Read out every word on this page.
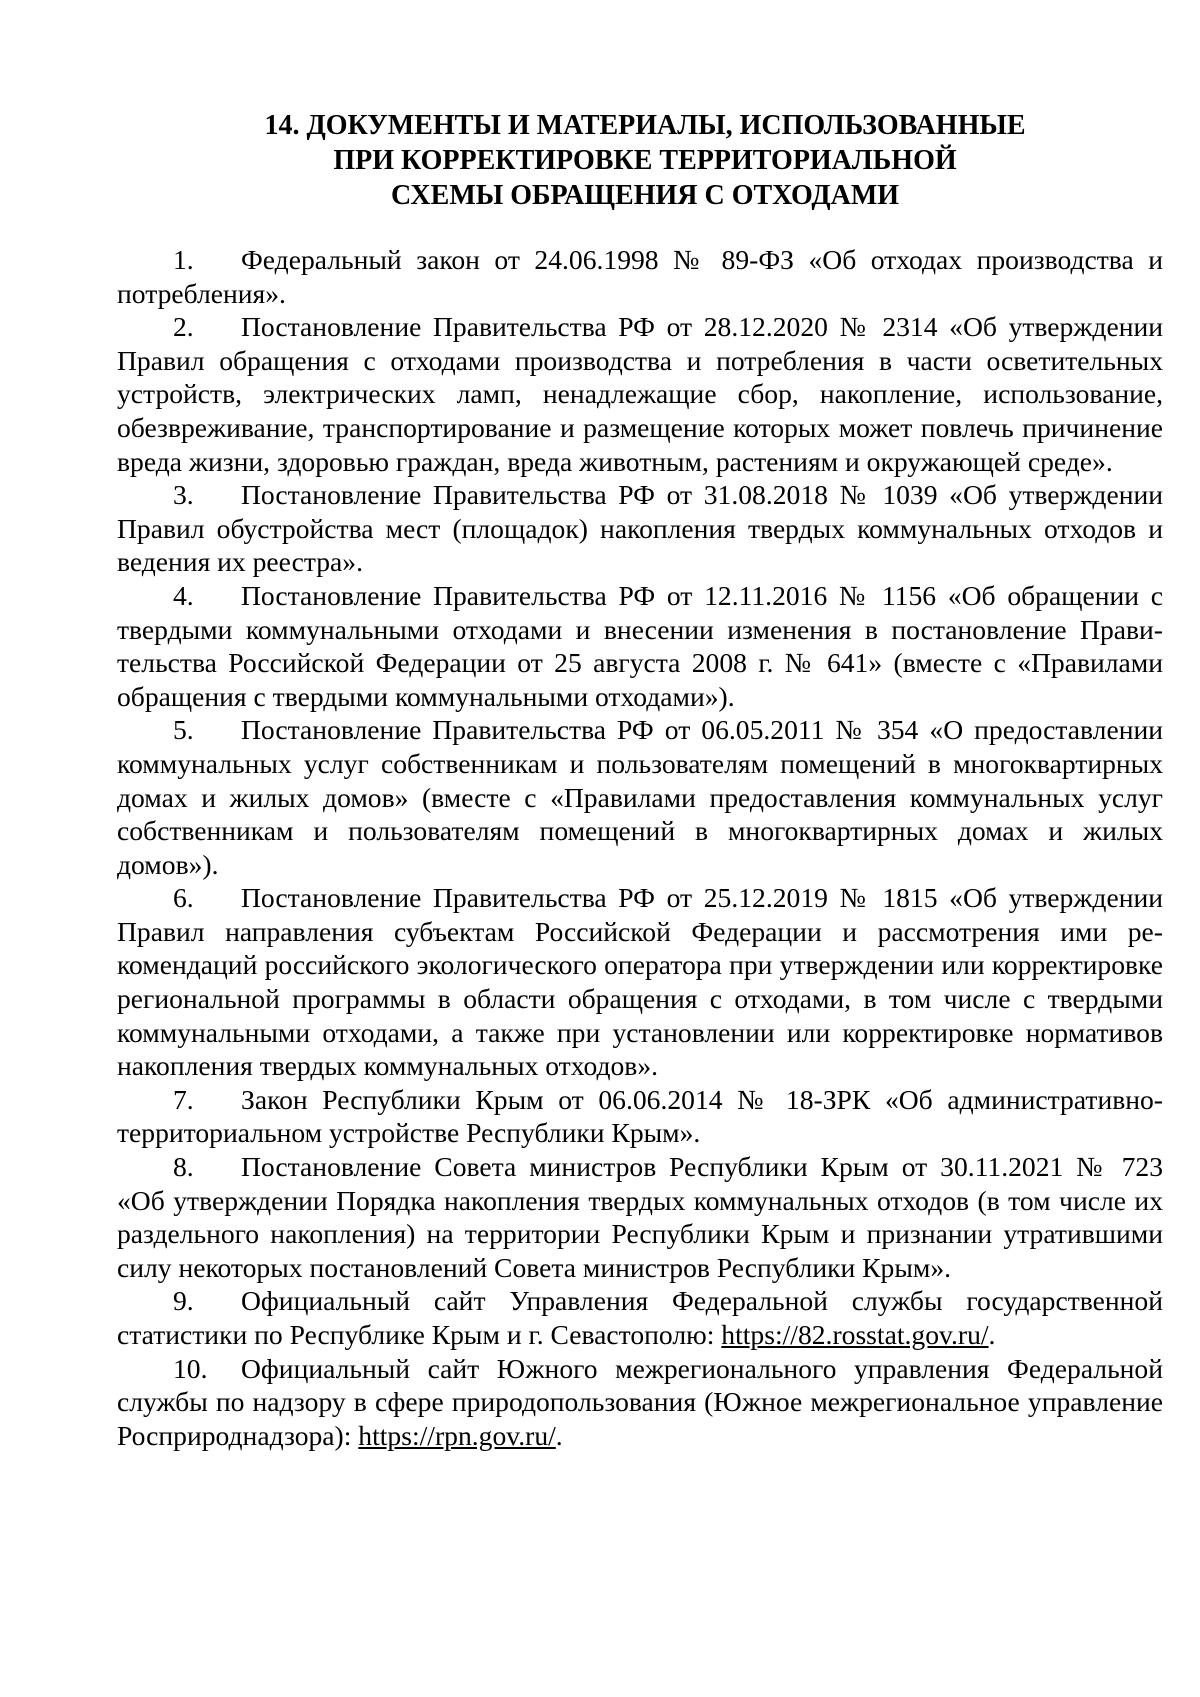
14. ДОКУМЕНТЫ И МАТЕРИАЛЫ, ИСПОЛЬЗОВАННЫЕ
ПРИ КОРРЕКТИРОВКЕ ТЕРРИТОРИАЛЬНОЙ
СХЕМЫ ОБРАЩЕНИЯ С ОТХОДАМИ

1. Федеральный закон от 24.06.1998 № 89-ФЗ «Об отходах производства и потребления».

2. Постановление Правительства РФ от 28.12.2020 № 2314 «Об утверждении Правил обращения с отходами производства и потребления в части осветительных устройств, электрических ламп, ненадлежащие сбор, накопление, использование, обезвреживание, транспортирование и размещение которых может повлечь причинение вреда жизни, здоровью граждан, вреда животным, растениям и окружающей среде».

3. Постановление Правительства РФ от 31.08.2018 № 1039 «Об утверждении Правил обустройства мест (площадок) накопления твердых коммунальных отходов и ведения их реестра».

4. Постановление Правительства РФ от 12.11.2016 № 1156 «Об обращении с твердыми коммунальными отходами и внесении изменения в постановление Правительства Российской Федерации от 25 августа 2008 г. № 641» (вместе с «Правилами обращения с твердыми коммунальными отходами»).

5. Постановление Правительства РФ от 06.05.2011 № 354 «О предоставлении коммунальных услуг собственникам и пользователям помещений в многоквартирных домах и жилых домов» (вместе с «Правилами предоставления коммунальных услуг собственникам и пользователям помещений в многоквартирных домах и жилых домов»).

6. Постановление Правительства РФ от 25.12.2019 № 1815 «Об утверждении Правил направления субъектам Российской Федерации и рассмотрения ими рекомендаций российского экологического оператора при утверждении или корректировке региональной программы в области обращения с отходами, в том числе с твердыми коммунальными отходами, а также при установлении или корректировке нормативов накопления твердых коммунальных отходов».

7. Закон Республики Крым от 06.06.2014 № 18-ЗРК «Об административно-территориальном устройстве Республики Крым».

8. Постановление Совета министров Республики Крым от 30.11.2021 № 723 «Об утверждении Порядка накопления твердых коммунальных отходов (в том числе их раздельного накопления) на территории Республики Крым и признании утратившими силу некоторых постановлений Совета министров Республики Крым».

9. Официальный сайт Управления Федеральной службы государственной статистики по Республике Крым и г. Севастополю: https://82.rosstat.gov.ru/.

10. Официальный сайт Южного межрегионального управления Федеральной службы по надзору в сфере природопользования (Южное межрегиональное управление Росприроднадзора): https://rpn.gov.ru/.
